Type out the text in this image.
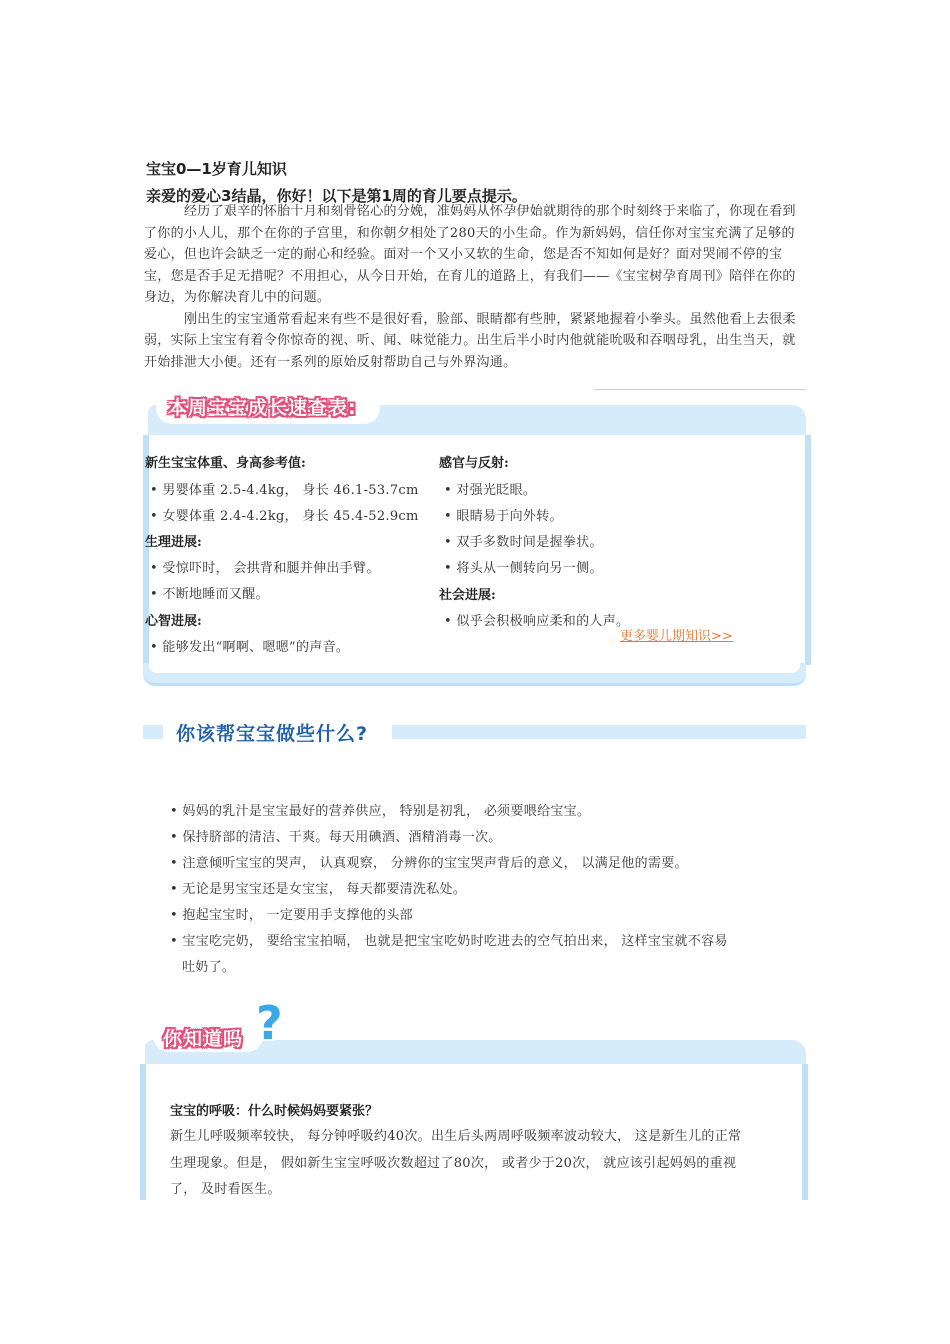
宝宝0—1岁育儿知识
亲爱的爱心3结晶，你好！以下是第1周的育儿要点提示。

经历了艰辛的怀胎十月和刻骨铭心的分娩，准妈妈从怀孕伊始就期待的那个时刻终于来临了，你现在看到了你的小人儿，那个在你的子宫里，和你朝夕相处了280天的小生命。作为新妈妈，信任你对宝宝充满了足够的爱心，但也许会缺乏一定的耐心和经验。面对一个又小又软的生命，您是否不知如何是好？面对哭闹不停的宝宝，您是否手足无措呢？不用担心，从今日开始，在育儿的道路上，有我们——《宝宝树孕育周刊》陪伴在你的身边，为你解决育儿中的问题。

刚出生的宝宝通常看起来有些不是很好看，脸部、眼睛都有些肿，紧紧地握着小拳头。虽然他看上去很柔弱，实际上宝宝有着令你惊奇的视、听、闻、味觉能力。出生后半小时内他就能吮吸和吞咽母乳，出生当天，就开始排泄大小便。还有一系列的原始反射帮助自己与外界沟通。

本周宝宝成长速查表:
新生宝宝体重、身高参考值:
• 男婴体重 2.5-4.4kg， 身长 46.1-53.7cm
• 女婴体重 2.4-4.2kg， 身长 45.4-52.9cm
生理进展:
• 受惊吓时， 会拱背和腿并伸出手臂。
• 不断地睡而又醒。
心智进展:
• 能够发出“啊啊、嗯嗯”的声音。
感官与反射:
• 对强光眨眼。
• 眼睛易于向外转。
• 双手多数时间是握拳状。
• 将头从一侧转向另一侧。
社会进展:
• 似乎会积极响应柔和的人声。
更多婴儿期知识>>
你该帮宝宝做些什么?
• 妈妈的乳汁是宝宝最好的营养供应， 特别是初乳， 必须要喂给宝宝。
• 保持脐部的清洁、干爽。每天用碘酒、酒精消毒一次。
• 注意倾听宝宝的哭声， 认真观察， 分辨你的宝宝哭声背后的意义， 以满足他的需要。
• 无论是男宝宝还是女宝宝， 每天都要清洗私处。
• 抱起宝宝时， 一定要用手支撑他的头部
• 宝宝吃完奶， 要给宝宝拍嗝， 也就是把宝宝吃奶时吃进去的空气拍出来， 这样宝宝就不容易
吐奶了。
你知道吗 ?
宝宝的呼吸：什么时候妈妈要紧张？
新生儿呼吸频率较快， 每分钟呼吸约40次。出生后头两周呼吸频率波动较大， 这是新生儿的正常
生理现象。但是， 假如新生宝宝呼吸次数超过了80次， 或者少于20次， 就应该引起妈妈的重视
了， 及时看医生。
